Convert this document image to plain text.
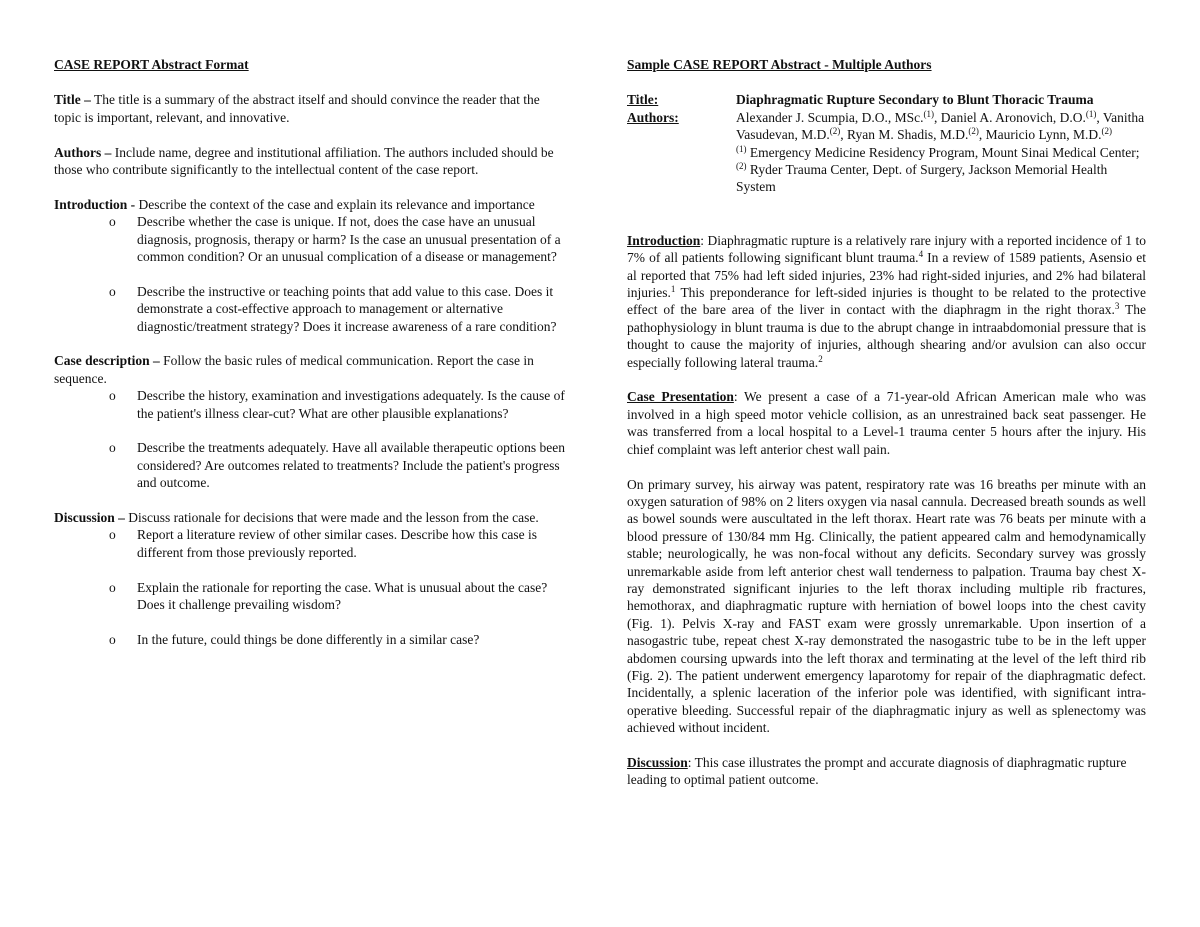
CASE REPORT Abstract Format
Title – The title is a summary of the abstract itself and should convince the reader that the topic is important, relevant, and innovative.
Authors – Include name, degree and institutional affiliation. The authors included should be those who contribute significantly to the intellectual content of the case report.
Introduction - Describe the context of the case and explain its relevance and importance
o Describe whether the case is unique. If not, does the case have an unusual diagnosis, prognosis, therapy or harm? Is the case an unusual presentation of a common condition? Or an unusual complication of a disease or management?
o Describe the instructive or teaching points that add value to this case. Does it demonstrate a cost-effective approach to management or alternative diagnostic/treatment strategy? Does it increase awareness of a rare condition?
Case description – Follow the basic rules of medical communication. Report the case in sequence.
o Describe the history, examination and investigations adequately. Is the cause of the patient's illness clear-cut? What are other plausible explanations?
o Describe the treatments adequately. Have all available therapeutic options been considered? Are outcomes related to treatments? Include the patient's progress and outcome.
Discussion – Discuss rationale for decisions that were made and the lesson from the case.
o Report a literature review of other similar cases. Describe how this case is different from those previously reported.
o Explain the rationale for reporting the case. What is unusual about the case? Does it challenge prevailing wisdom?
o In the future, could things be done differently in a similar case?
Sample CASE REPORT Abstract - Multiple Authors
Title:	Diaphragmatic Rupture Secondary to Blunt Thoracic Trauma
Authors:	Alexander J. Scumpia, D.O., MSc.$^{(1)}$, Daniel A. Aronovich, D.O.$^{(1)}$, Vanitha Vasudevan, M.D.$^{(2)}$, Ryan M. Shadis, M.D.$^{(2)}$, Mauricio Lynn, M.D.$^{(2)}$
$^{(1)}$ Emergency Medicine Residency Program, Mount Sinai Medical Center; $^{(2)}$ Ryder Trauma Center, Dept. of Surgery, Jackson Memorial Health System
Introduction: Diaphragmatic rupture is a relatively rare injury with a reported incidence of 1 to 7% of all patients following significant blunt trauma.$^4$ In a review of 1589 patients, Asensio et al reported that 75% had left sided injuries, 23% had right-sided injuries, and 2% had bilateral injuries.$^1$ This preponderance for left-sided injuries is thought to be related to the protective effect of the bare area of the liver in contact with the diaphragm in the right thorax.$^3$ The pathophysiology in blunt trauma is due to the abrupt change in intraabdomonial pressure that is thought to cause the majority of injuries, although shearing and/or avulsion can also occur especially following lateral trauma.$^2$
Case Presentation: We present a case of a 71-year-old African American male who was involved in a high speed motor vehicle collision, as an unrestrained back seat passenger. He was transferred from a local hospital to a Level-1 trauma center 5 hours after the injury. His chief complaint was left anterior chest wall pain.
On primary survey, his airway was patent, respiratory rate was 16 breaths per minute with an oxygen saturation of 98% on 2 liters oxygen via nasal cannula. Decreased breath sounds as well as bowel sounds were auscultated in the left thorax. Heart rate was 76 beats per minute with a blood pressure of 130/84 mm Hg. Clinically, the patient appeared calm and hemodynamically stable; neurologically, he was non-focal without any deficits. Secondary survey was grossly unremarkable aside from left anterior chest wall tenderness to palpation. Trauma bay chest X-ray demonstrated significant injuries to the left thorax including multiple rib fractures, hemothorax, and diaphragmatic rupture with herniation of bowel loops into the chest cavity (Fig. 1). Pelvis X-ray and FAST exam were grossly unremarkable. Upon insertion of a nasogastric tube, repeat chest X-ray demonstrated the nasogastric tube to be in the left upper abdomen coursing upwards into the left thorax and terminating at the level of the left third rib (Fig. 2). The patient underwent emergency laparotomy for repair of the diaphragmatic defect. Incidentally, a splenic laceration of the inferior pole was identified, with significant intra-operative bleeding. Successful repair of the diaphragmatic injury as well as splenectomy was achieved without incident.
Discussion: This case illustrates the prompt and accurate diagnosis of diaphragmatic rupture leading to optimal patient outcome.
